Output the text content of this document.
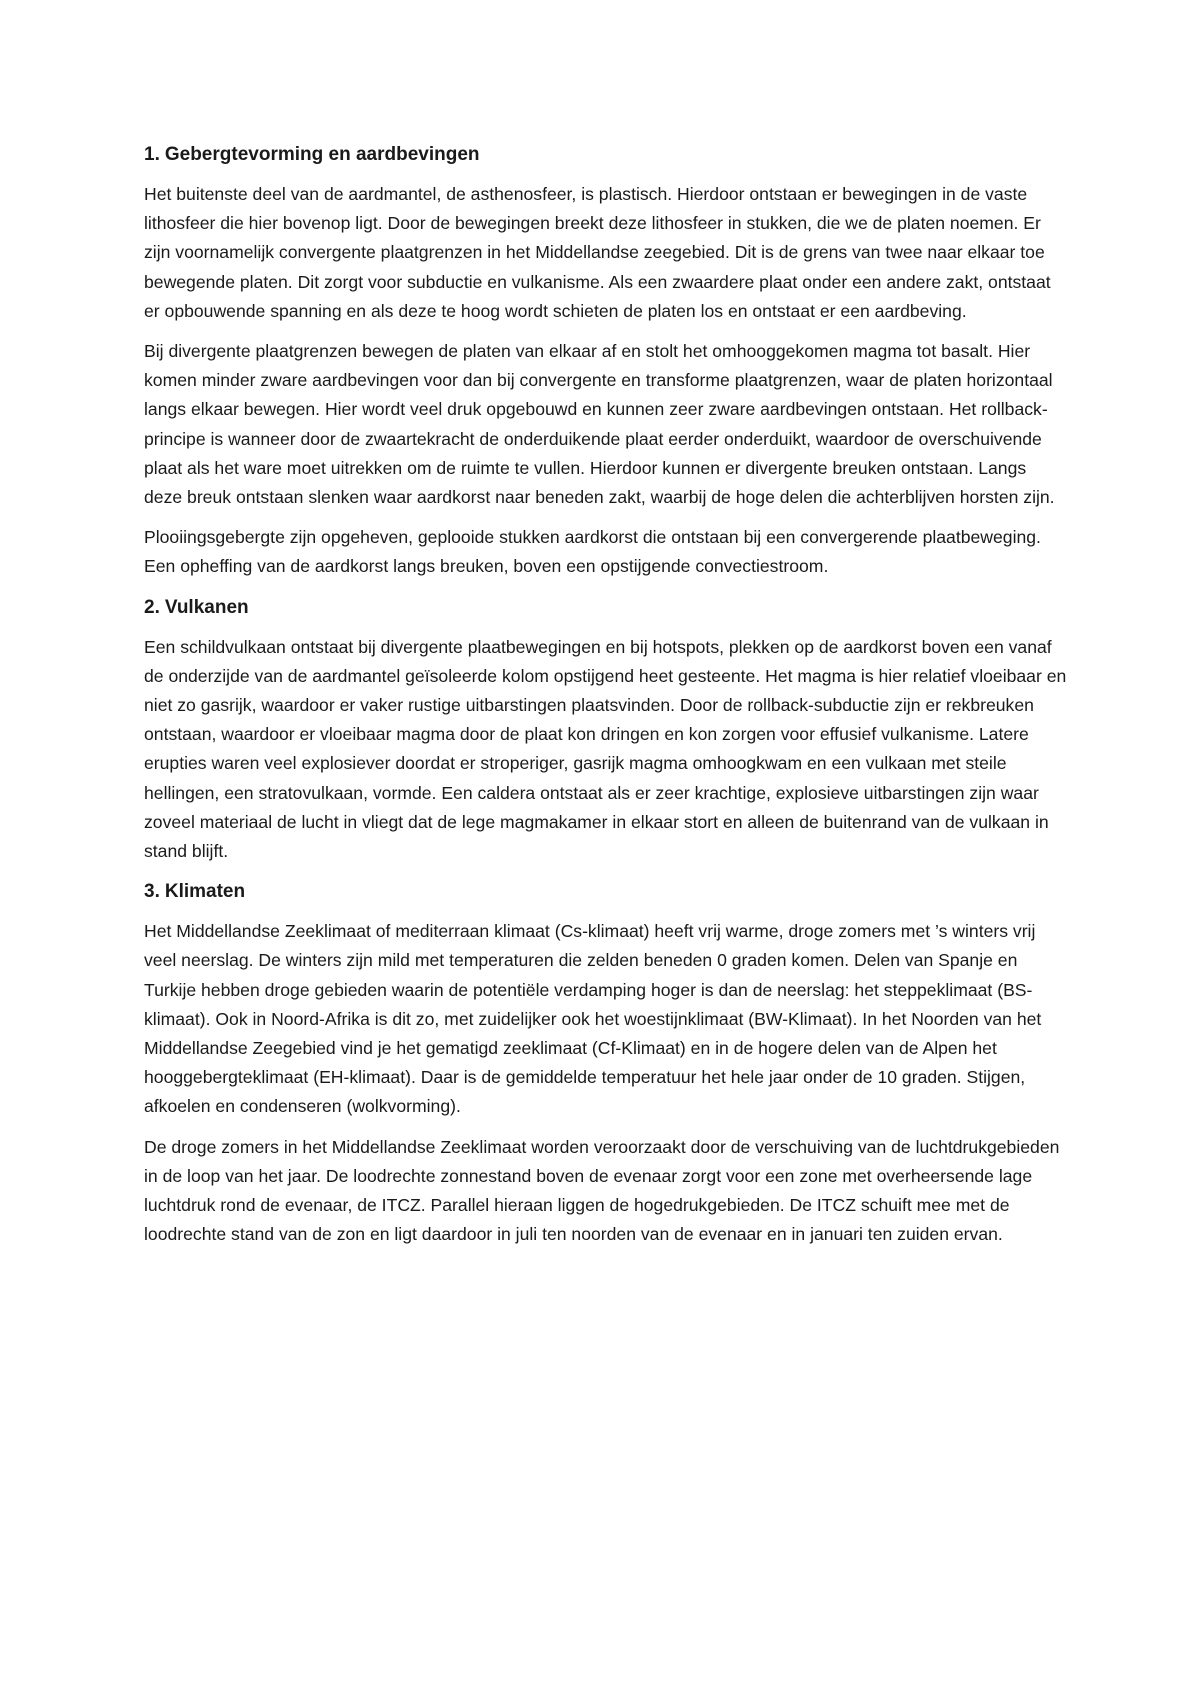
1. Gebergtevorming en aardbevingen

Het buitenste deel van de aardmantel, de asthenosfeer, is plastisch. Hierdoor ontstaan er bewegingen in de vaste lithosfeer die hier bovenop ligt. Door de bewegingen breekt deze lithosfeer in stukken, die we de platen noemen. Er zijn voornamelijk convergente plaatgrenzen in het Middellandse zeegebied. Dit is de grens van twee naar elkaar toe bewegende platen. Dit zorgt voor subductie en vulkanisme. Als een zwaardere plaat onder een andere zakt, ontstaat er opbouwende spanning en als deze te hoog wordt schieten de platen los en ontstaat er een aardbeving.

Bij divergente plaatgrenzen bewegen de platen van elkaar af en stolt het omhooggekomen magma tot basalt. Hier komen minder zware aardbevingen voor dan bij convergente en transforme plaatgrenzen, waar de platen horizontaal langs elkaar bewegen. Hier wordt veel druk opgebouwd en kunnen zeer zware aardbevingen ontstaan. Het rollback-principe is wanneer door de zwaartekracht de onderduikende plaat eerder onderduikt, waardoor de overschuivende plaat als het ware moet uitrekken om de ruimte te vullen. Hierdoor kunnen er divergente breuken ontstaan. Langs deze breuk ontstaan slenken waar aardkorst naar beneden zakt, waarbij de hoge delen die achterblijven horsten zijn.

Plooiingsgebergte zijn opgeheven, geplooide stukken aardkorst die ontstaan bij een convergerende plaatbeweging. Een opheffing van de aardkorst langs breuken, boven een opstijgende convectiestroom.

2. Vulkanen

Een schildvulkaan ontstaat bij divergente plaatbewegingen en bij hotspots, plekken op de aardkorst boven een vanaf de onderzijde van de aardmantel geïsoleerde kolom opstijgend heet gesteente. Het magma is hier relatief vloeibaar en niet zo gasrijk, waardoor er vaker rustige uitbarstingen plaatsvinden. Door de rollback-subductie zijn er rekbreuken ontstaan, waardoor er vloeibaar magma door de plaat kon dringen en kon zorgen voor effusief vulkanisme. Latere erupties waren veel explosiever doordat er stroperiger, gasrijk magma omhoogkwam en een vulkaan met steile hellingen, een stratovulkaan, vormde. Een caldera ontstaat als er zeer krachtige, explosieve uitbarstingen zijn waar zoveel materiaal de lucht in vliegt dat de lege magmakamer in elkaar stort en alleen de buitenrand van de vulkaan in stand blijft.

3. Klimaten

Het Middellandse Zeeklimaat of mediterraan klimaat (Cs-klimaat) heeft vrij warme, droge zomers met ’s winters vrij veel neerslag. De winters zijn mild met temperaturen die zelden beneden 0 graden komen. Delen van Spanje en Turkije hebben droge gebieden waarin de potentiële verdamping hoger is dan de neerslag: het steppeklimaat (BS-klimaat). Ook in Noord-Afrika is dit zo, met zuidelijker ook het woestijnklimaat (BW-Klimaat). In het Noorden van het Middellandse Zeegebied vind je het gematigd zeeklimaat (Cf-Klimaat) en in de hogere delen van de Alpen het hooggebergteklimaat (EH-klimaat). Daar is de gemiddelde temperatuur het hele jaar onder de 10 graden. Stijgen, afkoelen en condenseren (wolkvorming).

De droge zomers in het Middellandse Zeeklimaat worden veroorzaakt door de verschuiving van de luchtdrukgebieden in de loop van het jaar. De loodrechte zonnestand boven de evenaar zorgt voor een zone met overheersende lage luchtdruk rond de evenaar, de ITCZ. Parallel hieraan liggen de hogedrukgebieden. De ITCZ schuift mee met de loodrechte stand van de zon en ligt daardoor in juli ten noorden van de evenaar en in januari ten zuiden ervan.
